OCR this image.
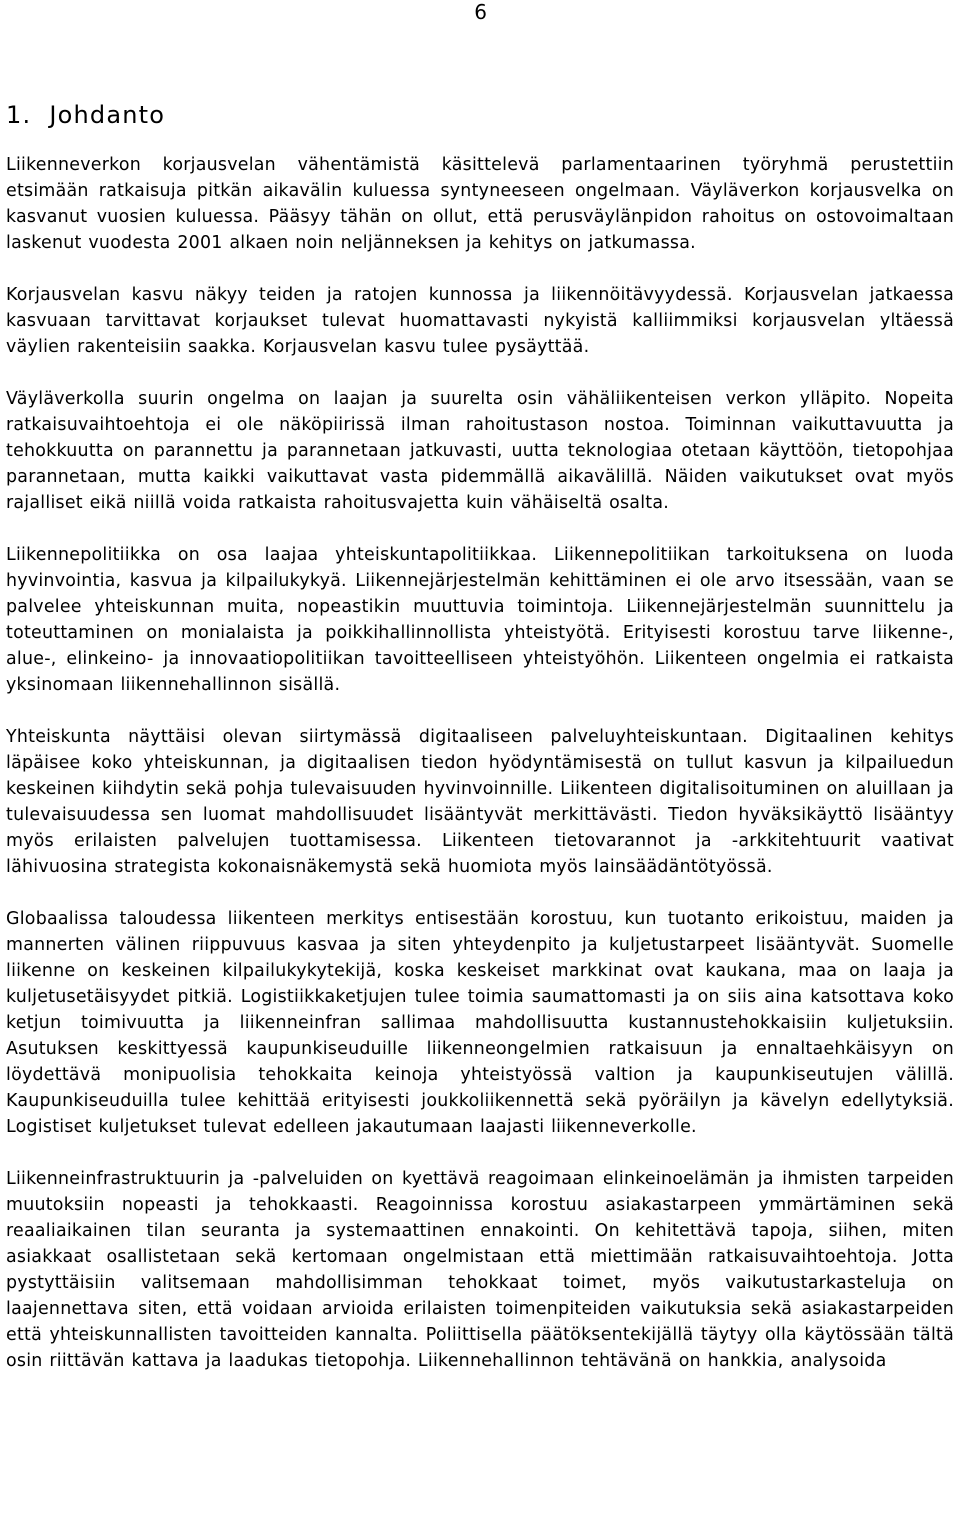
6
1. Johdanto

Liikenneverkon korjausvelan vähentämistä käsittelevä parlamentaarinen työryhmä perustettiin etsimään ratkaisuja pitkän aikavälin kuluessa syntyneeseen ongelmaan. Väyläverkon korjausvelka on kasvanut vuosien kuluessa. Pääsyy tähän on ollut, että perusväylänpidon rahoitus on ostovoimaltaan laskenut vuodesta 2001 alkaen noin neljänneksen ja kehitys on jatkumassa.

Korjausvelan kasvu näkyy teiden ja ratojen kunnossa ja liikennöitävyydessä. Korjausvelan jatkaessa kasvuaan tarvittavat korjaukset tulevat huomattavasti nykyistä kalliimmiksi korjausvelan yltäessä väylien rakenteisiin saakka. Korjausvelan kasvu tulee pysäyttää.

Väyläverkolla suurin ongelma on laajan ja suurelta osin vähäliikenteisen verkon ylläpito. Nopeita ratkaisuvaihtoehtoja ei ole näköpiirissä ilman rahoitustason nostoa. Toiminnan vaikuttavuutta ja tehokkuutta on parannettu ja parannetaan jatkuvasti, uutta teknologiaa otetaan käyttöön, tietopohjaa parannetaan, mutta kaikki vaikuttavat vasta pidemmällä aikavälillä. Näiden vaikutukset ovat myös rajalliset eikä niillä voida ratkaista rahoitusvajetta kuin vähäiseltä osalta.

Liikennepolitiikka on osa laajaa yhteiskuntapolitiikkaa. Liikennepolitiikan tarkoituksena on luoda hyvinvointia, kasvua ja kilpailukykyä. Liikennejärjestelmän kehittäminen ei ole arvo itsessään, vaan se palvelee yhteiskunnan muita, nopeastikin muuttuvia toimintoja. Liikennejärjestelmän suunnittelu ja toteuttaminen on monialaista ja poikkihallinnollista yhteistyötä. Erityisesti korostuu tarve liikenne-, alue-, elinkeino- ja innovaatiopolitiikan tavoitteelliseen yhteistyöhön. Liikenteen ongelmia ei ratkaista yksinomaan liikennehallinnon sisällä.

Yhteiskunta näyttäisi olevan siirtymässä digitaaliseen palveluyhteiskuntaan. Digitaalinen kehitys läpäisee koko yhteiskunnan, ja digitaalisen tiedon hyödyntämisestä on tullut kasvun ja kilpailuedun keskeinen kiihdytin sekä pohja tulevaisuuden hyvinvoinnille. Liikenteen digitalisoituminen on aluillaan ja tulevaisuudessa sen luomat mahdollisuudet lisääntyvät merkittävästi. Tiedon hyväksikäyttö lisääntyy myös erilaisten palvelujen tuottamisessa. Liikenteen tietovarannot ja -arkkitehtuurit vaativat lähivuosina strategista kokonaisnäkemystä sekä huomiota myös lainsäädäntötyössä.

Globaalissa taloudessa liikenteen merkitys entisestään korostuu, kun tuotanto erikoistuu, maiden ja mannerten välinen riippuvuus kasvaa ja siten yhteydenpito ja kuljetustarpeet lisääntyvät. Suomelle liikenne on keskeinen kilpailukykytekijä, koska keskeiset markkinat ovat kaukana, maa on laaja ja kuljetusetäisyydet pitkiä. Logistiikkaketjujen tulee toimia saumattomasti ja on siis aina katsottava koko ketjun toimivuutta ja liikenneinfran sallimaa mahdollisuutta kustannustehokkaisiin kuljetuksiin. Asutuksen keskittyessä kaupunkiseuduille liikenneongelmien ratkaisuun ja ennaltaehkäisyyn on löydettävä monipuolisia tehokkaita keinoja yhteistyössä valtion ja kaupunkiseutujen välillä. Kaupunkiseuduilla tulee kehittää erityisesti joukkoliikennettä sekä pyöräilyn ja kävelyn edellytyksiä. Logistiset kuljetukset tulevat edelleen jakautumaan laajasti liikenneverkolle.

Liikenneinfrastruktuurin ja -palveluiden on kyettävä reagoimaan elinkeinoelämän ja ihmisten tarpeiden muutoksiin nopeasti ja tehokkaasti. Reagoinnissa korostuu asiakastarpeen ymmärtäminen sekä reaaliaikainen tilan seuranta ja systemaattinen ennakointi. On kehitettävä tapoja, siihen, miten asiakkaat osallistetaan sekä kertomaan ongelmistaan että miettimään ratkaisuvaihtoehtoja. Jotta pystyttäisiin valitsemaan mahdollisimman tehokkaat toimet, myös vaikutustarkasteluja on laajennettava siten, että voidaan arvioida erilaisten toimenpiteiden vaikutuksia sekä asiakastarpeiden että yhteiskunnallisten tavoitteiden kannalta. Poliittisella päätöksentekijällä täytyy olla käytössään tältä osin riittävän kattava ja laadukas tietopohja. Liikennehallinnon tehtävänä on hankkia, analysoida
